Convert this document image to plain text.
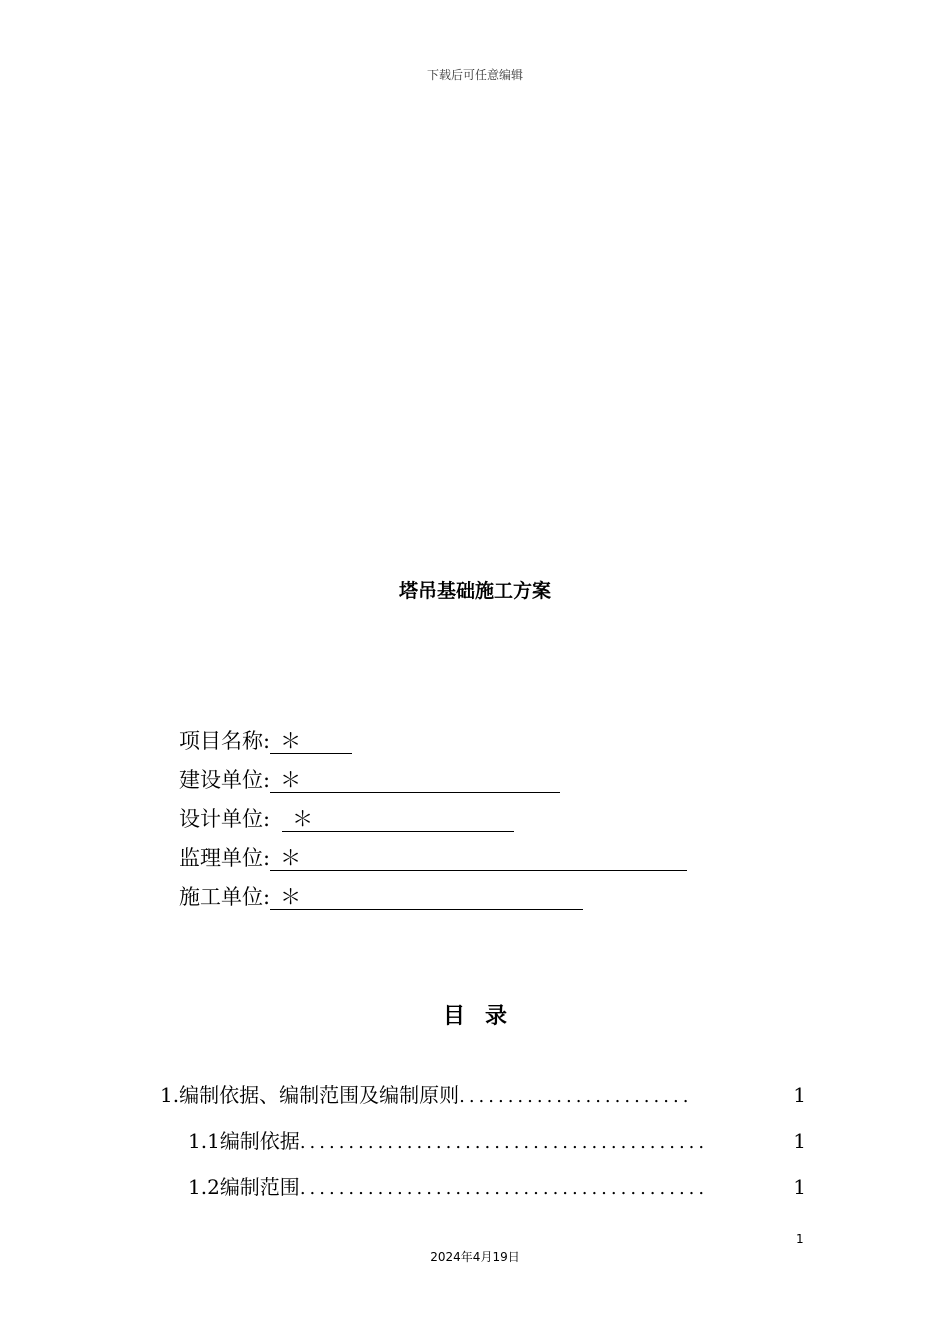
下载后可任意编辑
塔吊基础施工方案
项目名称 : ＊
建设单位 : ＊
设计单位 :	＊
监理单位 : ＊
施工单位 : ＊
目录
1. 编制依据、编制范围及编制原则 ........................	1
1.1 编制依据 ..........................................	1
1.2 编制范围 ..........................................	1
1
2024年4月19日
